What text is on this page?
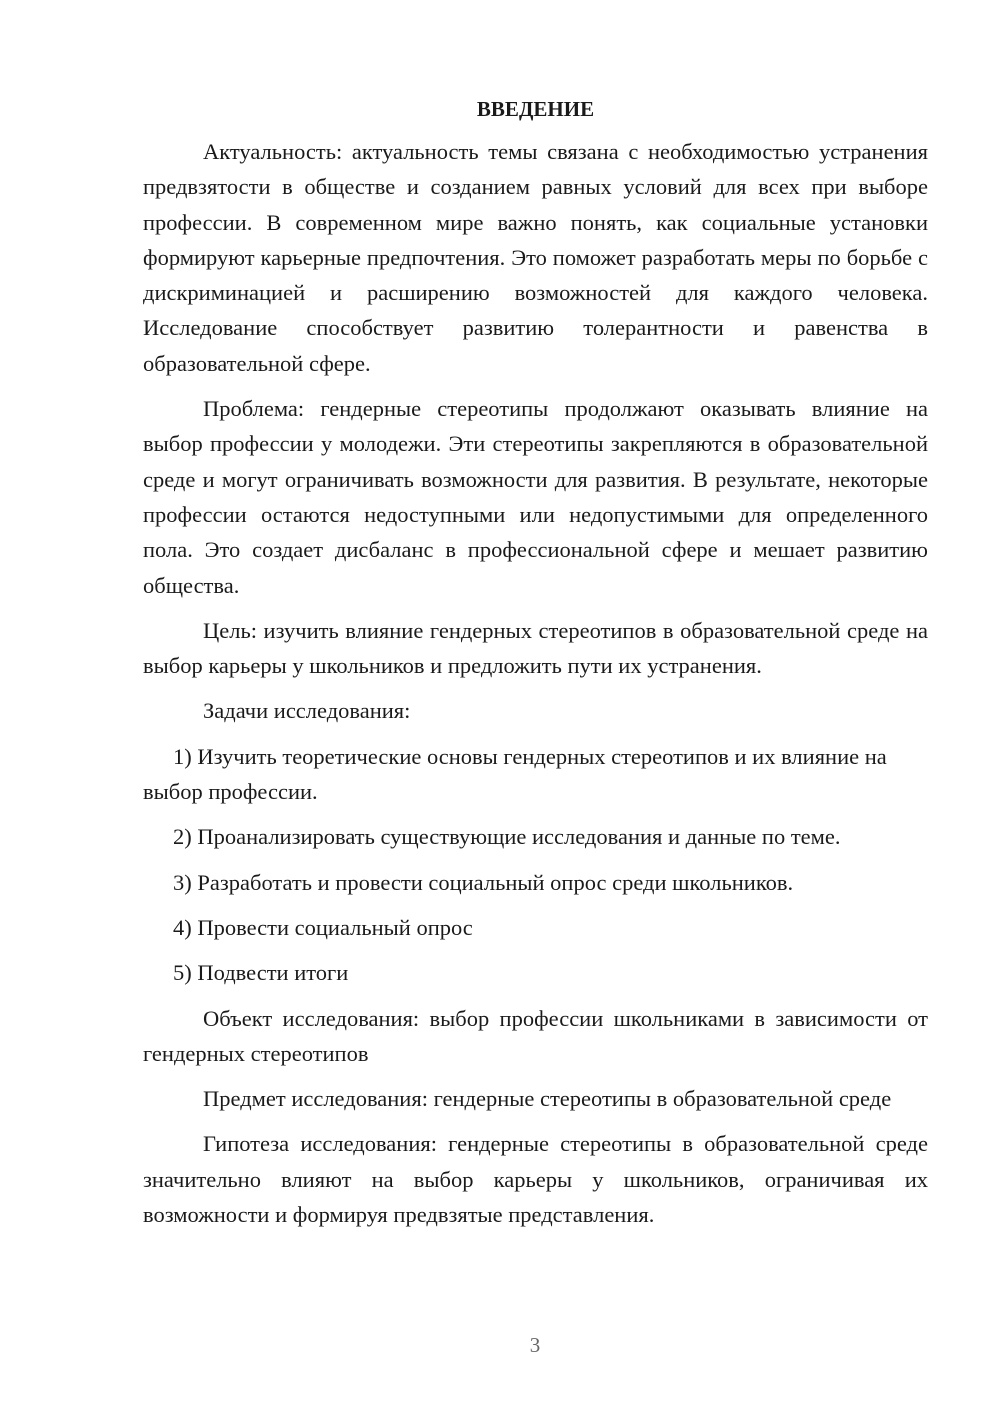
ВВЕДЕНИЕ

Актуальность: актуальность темы связана с необходимостью устранения предвзятости в обществе и созданием равных условий для всех при выборе профессии. В современном мире важно понять, как социальные установки формируют карьерные предпочтения. Это поможет разработать меры по борьбе с дискриминацией и расширению возможностей для каждого человека. Исследование способствует развитию толерантности и равенства в образовательной сфере.

Проблема: гендерные стереотипы продолжают оказывать влияние на выбор профессии у молодежи. Эти стереотипы закрепляются в образовательной среде и могут ограничивать возможности для развития. В результате, некоторые профессии остаются недоступными или недопустимыми для определенного пола. Это создает дисбаланс в профессиональной сфере и мешает развитию общества.

Цель: изучить влияние гендерных стереотипов в образовательной среде на выбор карьеры у школьников и предложить пути их устранения.

Задачи исследования:

1) Изучить теоретические основы гендерных стереотипов и их влияние на выбор профессии.

2) Проанализировать существующие исследования и данные по теме.

3) Разработать и провести социальный опрос среди школьников.

4) Провести социальный опрос

5) Подвести итоги

Объект исследования: выбор профессии школьниками в зависимости от гендерных стереотипов

Предмет исследования: гендерные стереотипы в образовательной среде

Гипотеза исследования: гендерные стереотипы в образовательной среде значительно влияют на выбор карьеры у школьников, ограничивая их возможности и формируя предвзятые представления.

3
